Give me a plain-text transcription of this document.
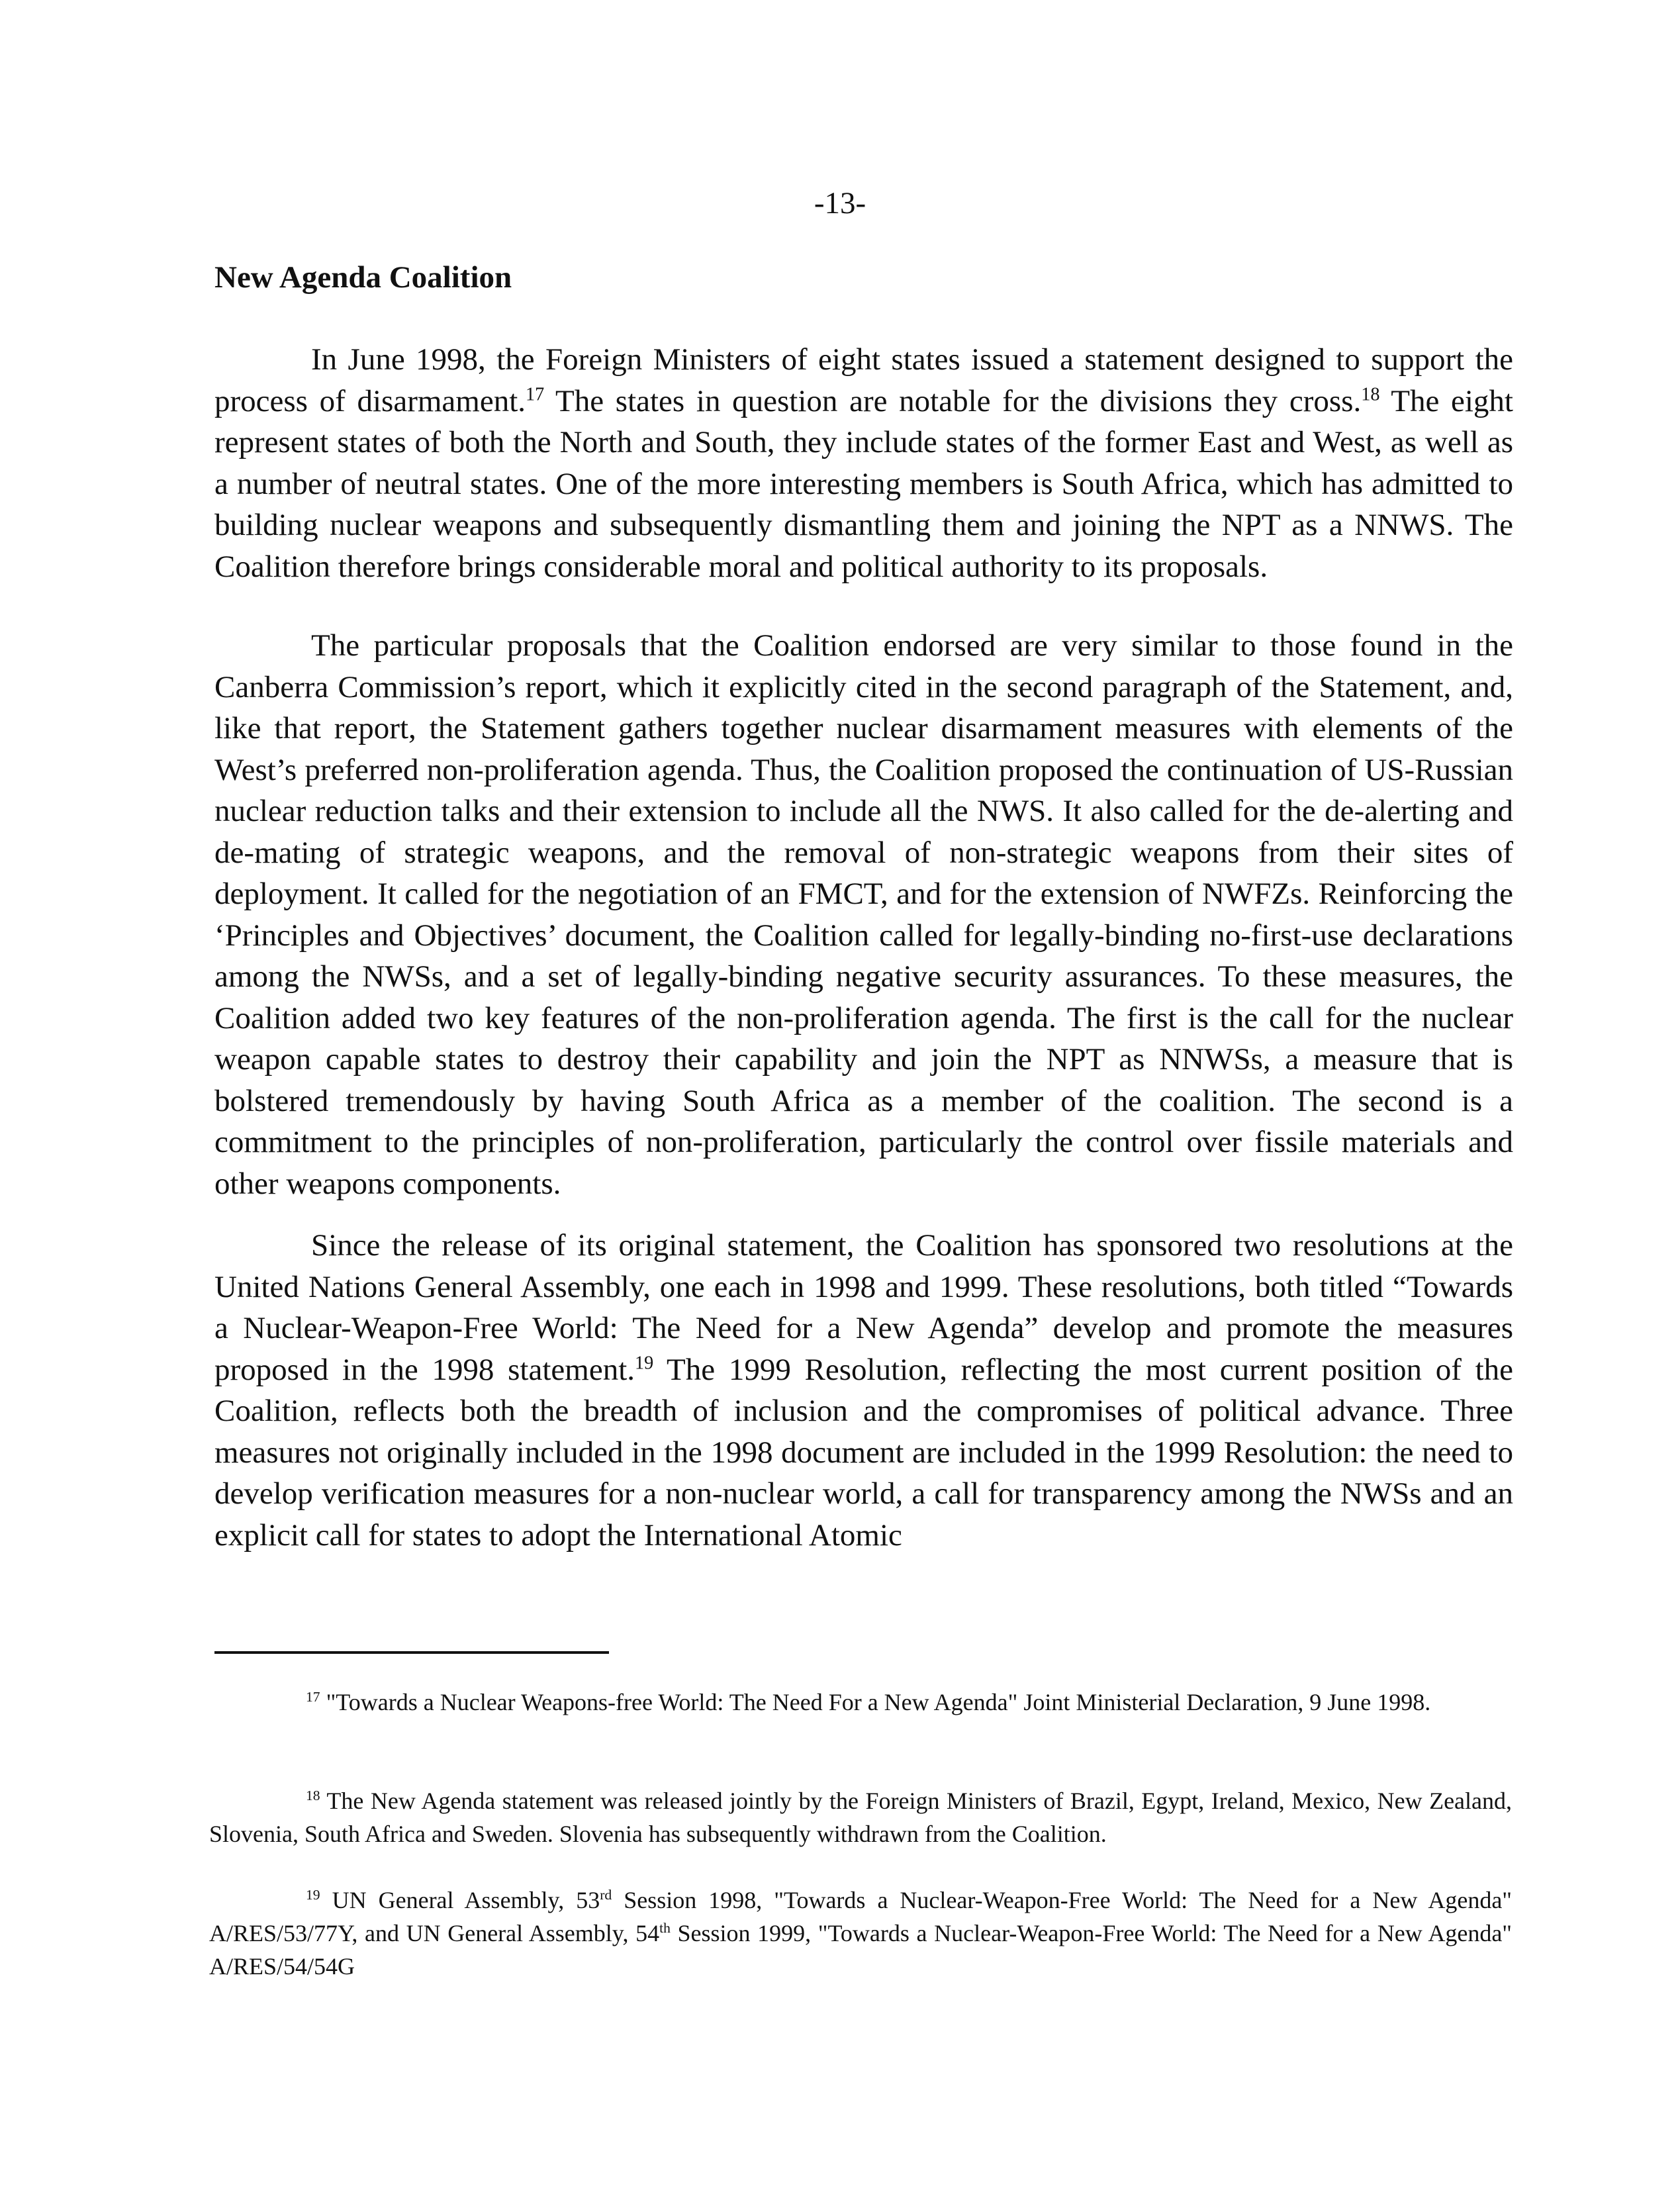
-13-
New Agenda Coalition

In June 1998, the Foreign Ministers of eight states issued a statement designed to support the process of disarmament.$^{17}$ The states in question are notable for the divisions they cross.$^{18}$ The eight represent states of both the North and South, they include states of the former East and West, as well as a number of neutral states. One of the more interesting members is South Africa, which has admitted to building nuclear weapons and subsequently dismantling them and joining the NPT as a NNWS. The Coalition therefore brings considerable moral and political authority to its proposals.

The particular proposals that the Coalition endorsed are very similar to those found in the Canberra Commission’s report, which it explicitly cited in the second paragraph of the Statement, and, like that report, the Statement gathers together nuclear disarmament measures with elements of the West’s preferred non-proliferation agenda. Thus, the Coalition proposed the continuation of US-Russian nuclear reduction talks and their extension to include all the NWS. It also called for the de-alerting and de-mating of strategic weapons, and the removal of non-strategic weapons from their sites of deployment. It called for the negotiation of an FMCT, and for the extension of NWFZs. Reinforcing the ‘Principles and Objectives’ document, the Coalition called for legally-binding no-first-use declarations among the NWSs, and a set of legally-binding negative security assurances. To these measures, the Coalition added two key features of the non-proliferation agenda. The first is the call for the nuclear weapon capable states to destroy their capability and join the NPT as NNWSs, a measure that is bolstered tremendously by having South Africa as a member of the coalition. The second is a commitment to the principles of non-proliferation, particularly the control over fissile materials and other weapons components.

Since the release of its original statement, the Coalition has sponsored two resolutions at the United Nations General Assembly, one each in 1998 and 1999. These resolutions, both titled “Towards a Nuclear-Weapon-Free World: The Need for a New Agenda” develop and promote the measures proposed in the 1998 statement.$^{19}$ The 1999 Resolution, reflecting the most current position of the Coalition, reflects both the breadth of inclusion and the compromises of political advance. Three measures not originally included in the 1998 document are included in the 1999 Resolution: the need to develop verification measures for a non-nuclear world, a call for transparency among the NWSs and an explicit call for states to adopt the International Atomic

$^{17}$ "Towards a Nuclear Weapons-free World: The Need For a New Agenda" Joint Ministerial Declaration, 9 June 1998.

$^{18}$ The New Agenda statement was released jointly by the Foreign Ministers of Brazil, Egypt, Ireland, Mexico, New Zealand, Slovenia, South Africa and Sweden. Slovenia has subsequently withdrawn from the Coalition.

$^{19}$ UN General Assembly, 53rd Session 1998, "Towards a Nuclear-Weapon-Free World: The Need for a New Agenda" A/RES/53/77Y, and UN General Assembly, 54th Session 1999, "Towards a Nuclear-Weapon-Free World: The Need for a New Agenda" A/RES/54/54G
